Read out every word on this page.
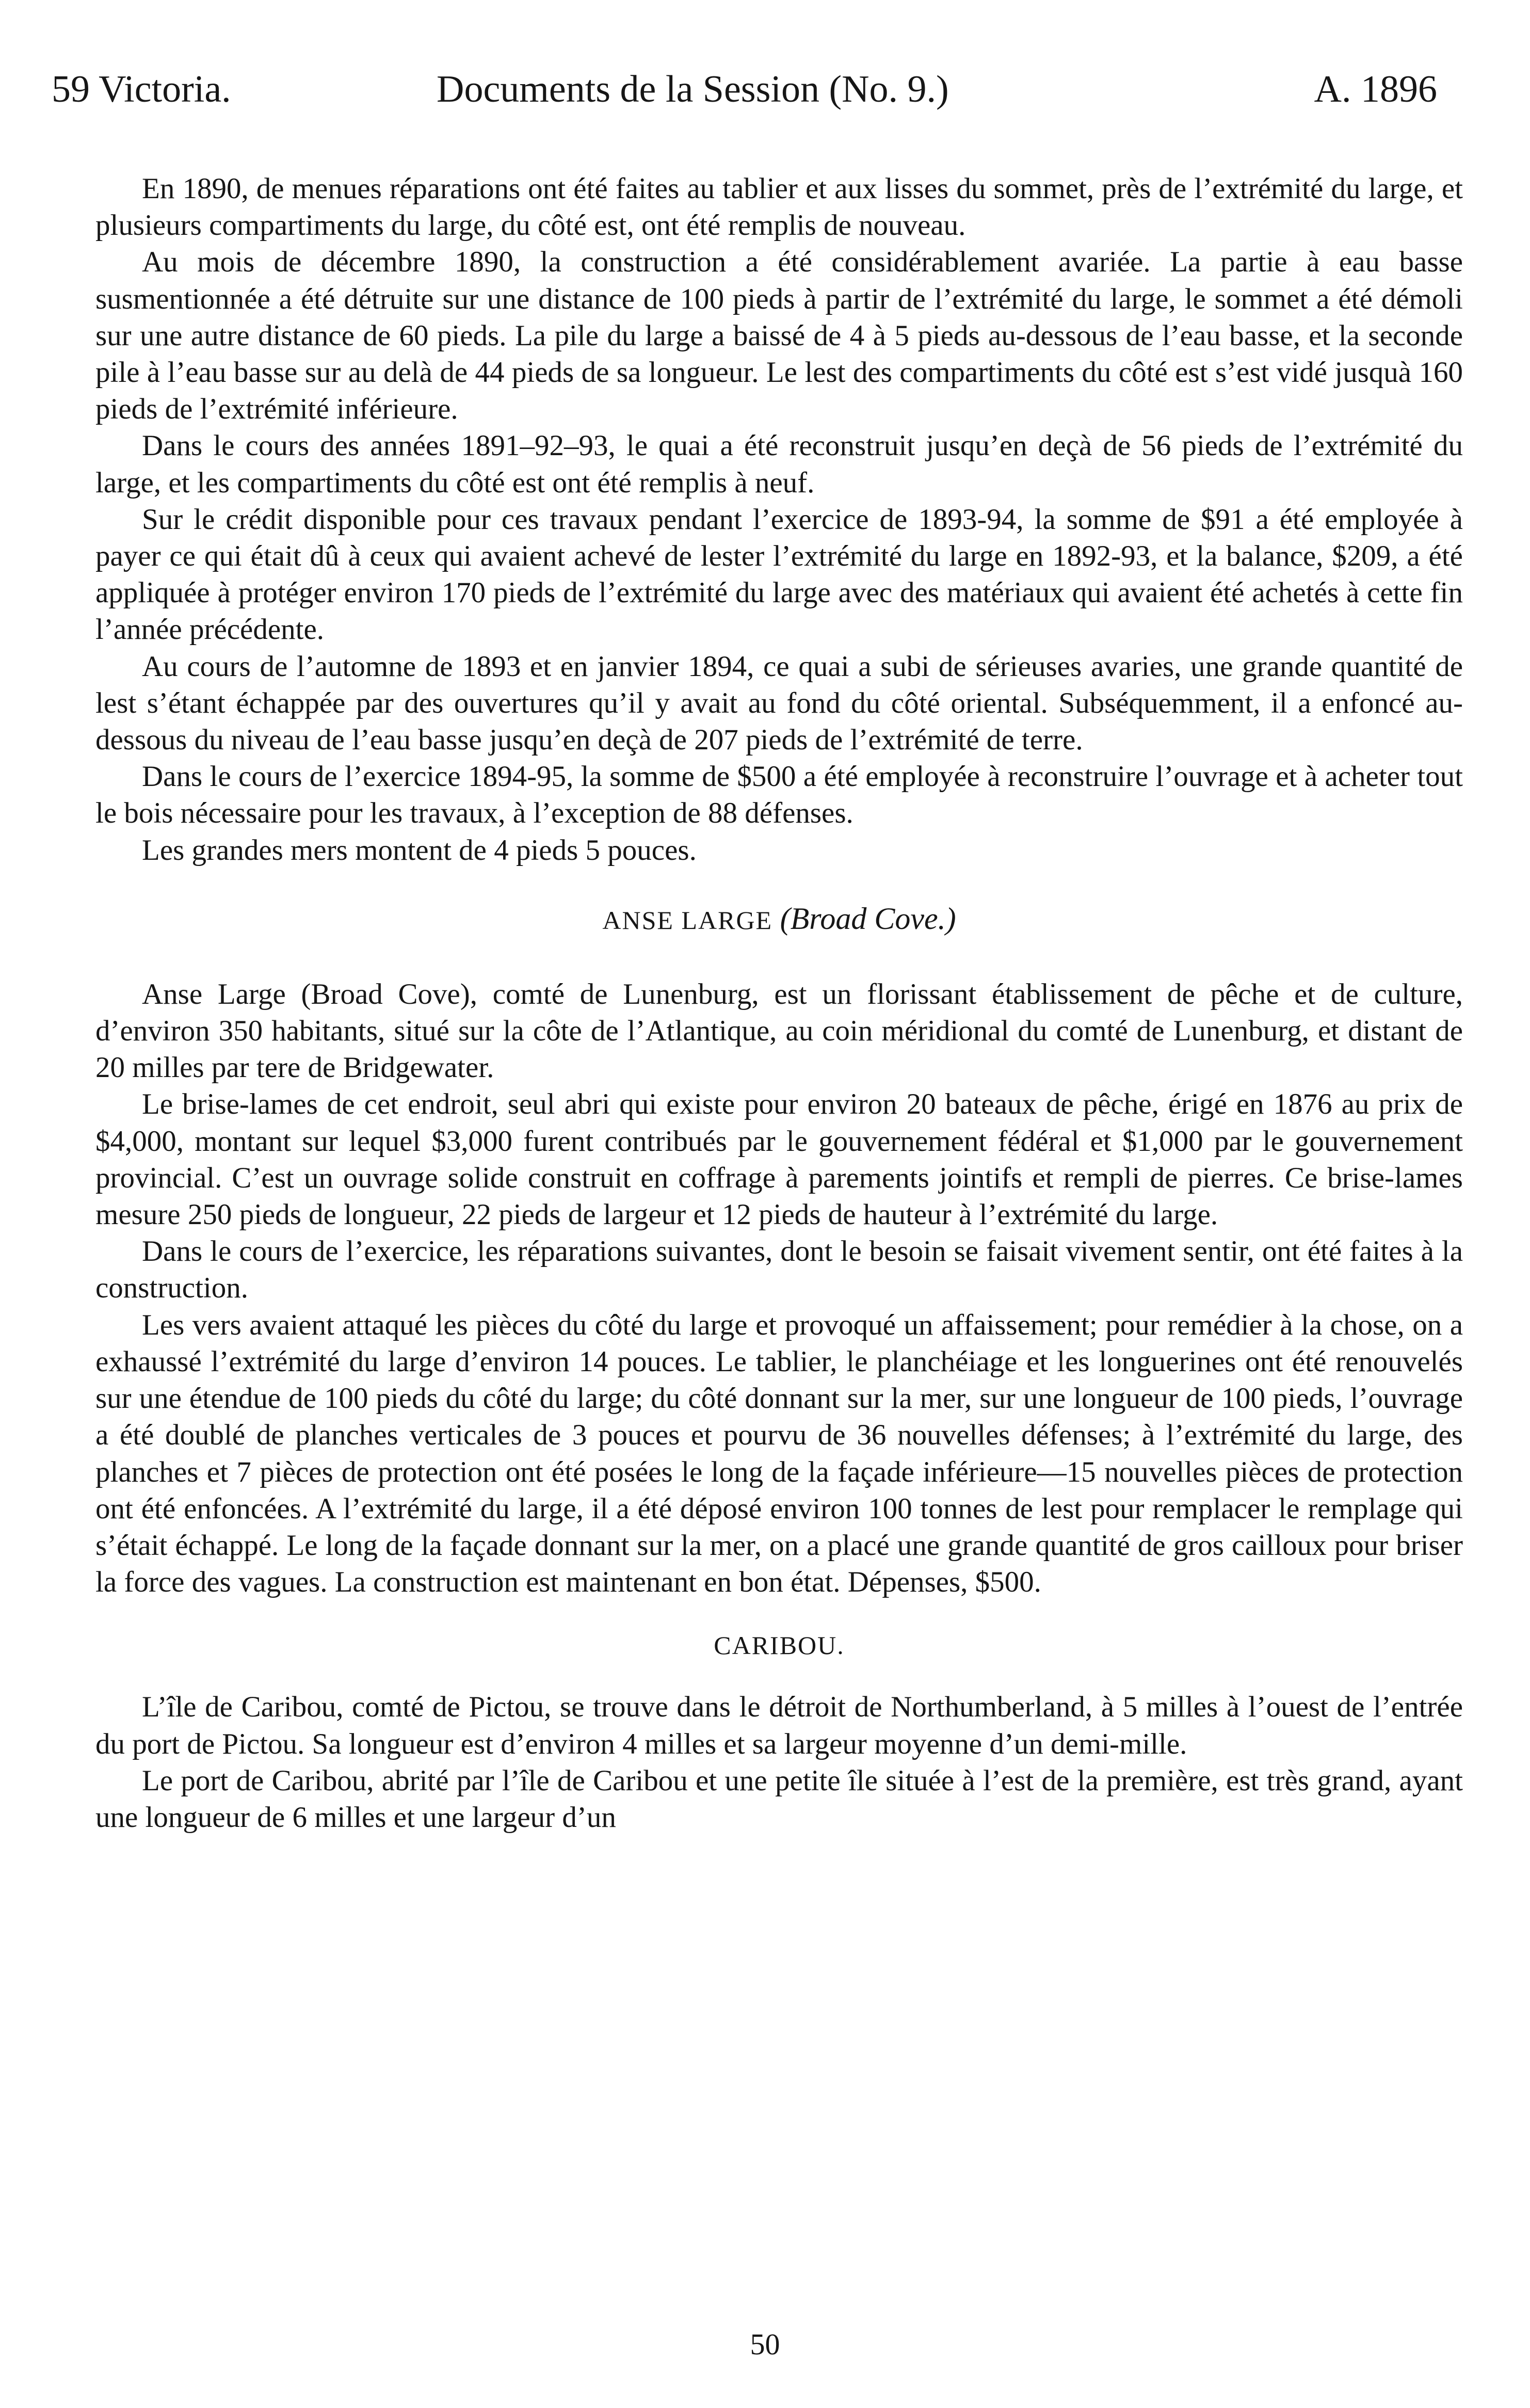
59 Victoria.	Documents de la Session (No. 9.)	A. 1896

En 1890, de menues réparations ont été faites au tablier et aux lisses du sommet, près de l’extrémité du large, et plusieurs compartiments du large, du côté est, ont été remplis de nouveau.

Au mois de décembre 1890, la construction a été considérablement avariée. La partie à eau basse susmentionnée a été détruite sur une distance de 100 pieds à partir de l’extrémité du large, le sommet a été démoli sur une autre distance de 60 pieds. La pile du large a baissé de 4 à 5 pieds au-dessous de l’eau basse, et la seconde pile à l’eau basse sur au delà de 44 pieds de sa longueur. Le lest des compartiments du côté est s’est vidé jusquà 160 pieds de l’extrémité inférieure.

Dans le cours des années 1891–92–93, le quai a été reconstruit jusqu’en deçà de 56 pieds de l’extrémité du large, et les compartiments du côté est ont été remplis à neuf.

Sur le crédit disponible pour ces travaux pendant l’exercice de 1893-94, la somme de $91 a été employée à payer ce qui était dû à ceux qui avaient achevé de lester l’extrémité du large en 1892-93, et la balance, $209, a été appliquée à protéger environ 170 pieds de l’extrémité du large avec des matériaux qui avaient été achetés à cette fin l’année précédente.

Au cours de l’automne de 1893 et en janvier 1894, ce quai a subi de sérieuses avaries, une grande quantité de lest s’étant échappée par des ouvertures qu’il y avait au fond du côté oriental. Subséquemment, il a enfoncé au-dessous du niveau de l’eau basse jusqu’en deçà de 207 pieds de l’extrémité de terre.

Dans le cours de l’exercice 1894-95, la somme de $500 a été employée à reconstruire l’ouvrage et à acheter tout le bois nécessaire pour les travaux, à l’exception de 88 défenses.

Les grandes mers montent de 4 pieds 5 pouces.

ANSE LARGE (Broad Cove.)

Anse Large (Broad Cove), comté de Lunenburg, est un florissant établissement de pêche et de culture, d’environ 350 habitants, situé sur la côte de l’Atlantique, au coin méridional du comté de Lunenburg, et distant de 20 milles par tere de Bridgewater.

Le brise-lames de cet endroit, seul abri qui existe pour environ 20 bateaux de pêche, érigé en 1876 au prix de $4,000, montant sur lequel $3,000 furent contribués par le gouvernement fédéral et $1,000 par le gouvernement provincial. C’est un ouvrage solide construit en coffrage à parements jointifs et rempli de pierres. Ce brise-lames mesure 250 pieds de longueur, 22 pieds de largeur et 12 pieds de hauteur à l’extrémité du large.

Dans le cours de l’exercice, les réparations suivantes, dont le besoin se faisait vivement sentir, ont été faites à la construction.

Les vers avaient attaqué les pièces du côté du large et provoqué un affaissement; pour remédier à la chose, on a exhaussé l’extrémité du large d’environ 14 pouces. Le tablier, le planchéiage et les longuerines ont été renouvelés sur une étendue de 100 pieds du côté du large; du côté donnant sur la mer, sur une longueur de 100 pieds, l’ouvrage a été doublé de planches verticales de 3 pouces et pourvu de 36 nouvelles défenses; à l’extrémité du large, des planches et 7 pièces de protection ont été posées le long de la façade inférieure—15 nouvelles pièces de protection ont été enfoncées. A l’extrémité du large, il a été déposé environ 100 tonnes de lest pour remplacer le remplage qui s’était échappé. Le long de la façade donnant sur la mer, on a placé une grande quantité de gros cailloux pour briser la force des vagues. La construction est maintenant en bon état. Dépenses, $500.

CARIBOU.

L’île de Caribou, comté de Pictou, se trouve dans le détroit de Northumberland, à 5 milles à l’ouest de l’entrée du port de Pictou. Sa longueur est d’environ 4 milles et sa largeur moyenne d’un demi-mille.

Le port de Caribou, abrité par l’île de Caribou et une petite île située à l’est de la première, est très grand, ayant une longueur de 6 milles et une largeur d’un

50
